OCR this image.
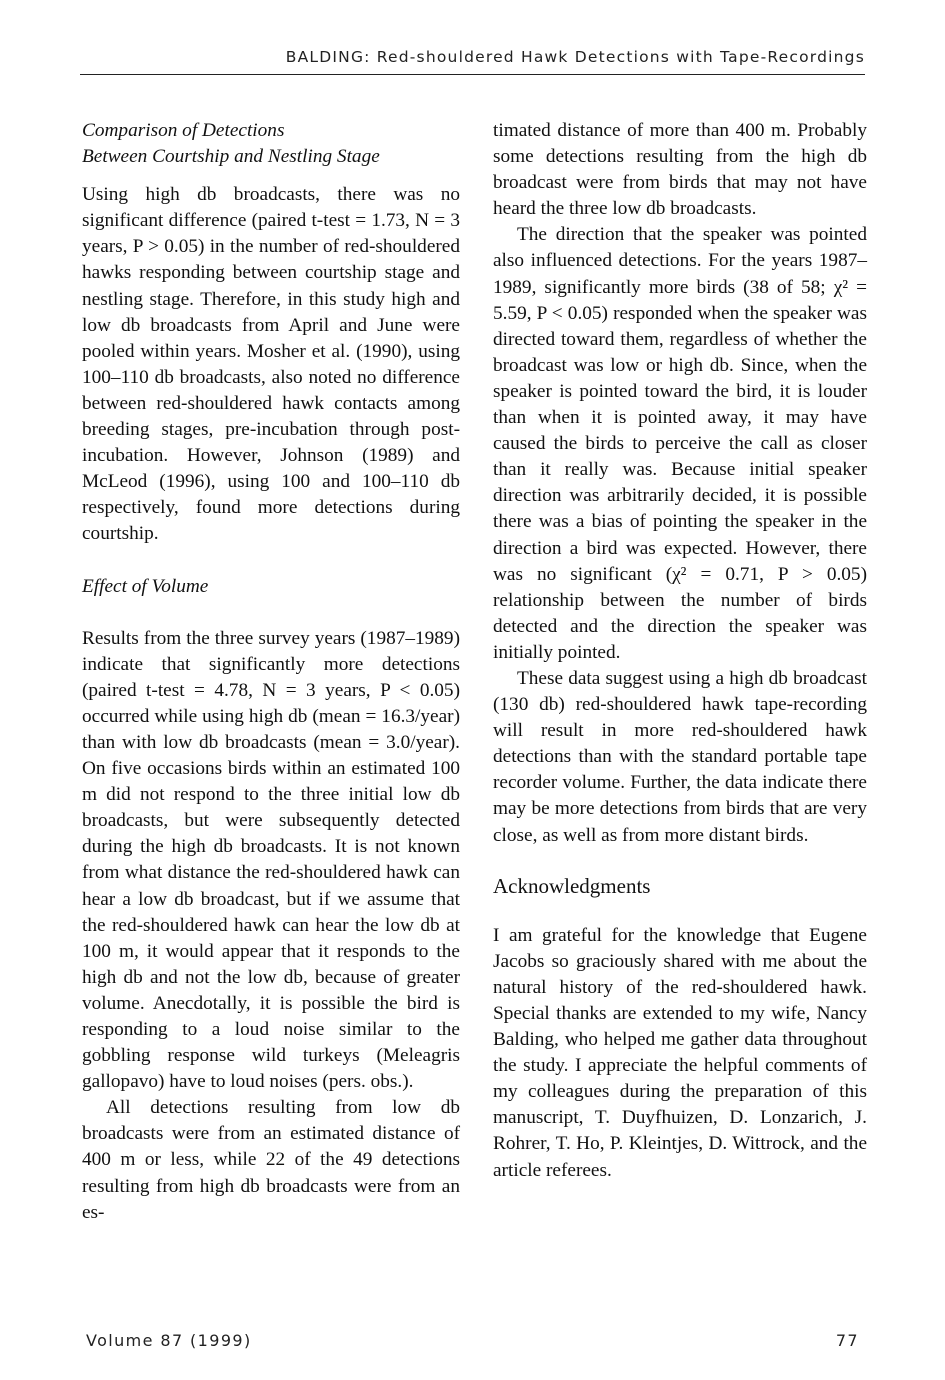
BALDING: Red-shouldered Hawk Detections with Tape-Recordings
Comparison of Detections
Between Courtship and Nestling Stage

Using high db broadcasts, there was no significant difference (paired t-test = 1.73, N = 3 years, P > 0.05) in the number of red-shouldered hawks responding between courtship stage and nestling stage. Therefore, in this study high and low db broadcasts from April and June were pooled within years. Mosher et al. (1990), using 100–110 db broadcasts, also noted no difference between red-shouldered hawk contacts among breeding stages, pre-incubation through post-incubation. However, Johnson (1989) and McLeod (1996), using 100 and 100–110 db respectively, found more detections during courtship.

Effect of Volume

Results from the three survey years (1987–1989) indicate that significantly more detections (paired t-test = 4.78, N = 3 years, P < 0.05) occurred while using high db (mean = 16.3/year) than with low db broadcasts (mean = 3.0/year). On five occasions birds within an estimated 100 m did not respond to the three initial low db broadcasts, but were subsequently detected during the high db broadcasts. It is not known from what distance the red-shouldered hawk can hear a low db broadcast, but if we assume that the red-shouldered hawk can hear the low db at 100 m, it would appear that it responds to the high db and not the low db, because of greater volume. Anecdotally, it is possible the bird is responding to a loud noise similar to the gobbling response wild turkeys (Meleagris gallopavo) have to loud noises (pers. obs.).

All detections resulting from low db broadcasts were from an estimated distance of 400 m or less, while 22 of the 49 detections resulting from high db broadcasts were from an es-

timated distance of more than 400 m. Probably some detections resulting from the high db broadcast were from birds that may not have heard the three low db broadcasts.

The direction that the speaker was pointed also influenced detections. For the years 1987–1989, significantly more birds (38 of 58; χ² = 5.59, P < 0.05) responded when the speaker was directed toward them, regardless of whether the broadcast was low or high db. Since, when the speaker is pointed toward the bird, it is louder than when it is pointed away, it may have caused the birds to perceive the call as closer than it really was. Because initial speaker direction was arbitrarily decided, it is possible there was a bias of pointing the speaker in the direction a bird was expected. However, there was no significant (χ² = 0.71, P > 0.05) relationship between the number of birds detected and the direction the speaker was initially pointed.

These data suggest using a high db broadcast (130 db) red-shouldered hawk tape-recording will result in more red-shouldered hawk detections than with the standard portable tape recorder volume. Further, the data indicate there may be more detections from birds that are very close, as well as from more distant birds.

Acknowledgments

I am grateful for the knowledge that Eugene Jacobs so graciously shared with me about the natural history of the red-shouldered hawk. Special thanks are extended to my wife, Nancy Balding, who helped me gather data throughout the study. I appreciate the helpful comments of my colleagues during the preparation of this manuscript, T. Duyfhuizen, D. Lonzarich, J. Rohrer, T. Ho, P. Kleintjes, D. Wittrock, and the article referees.

Volume 87 (1999)	77
